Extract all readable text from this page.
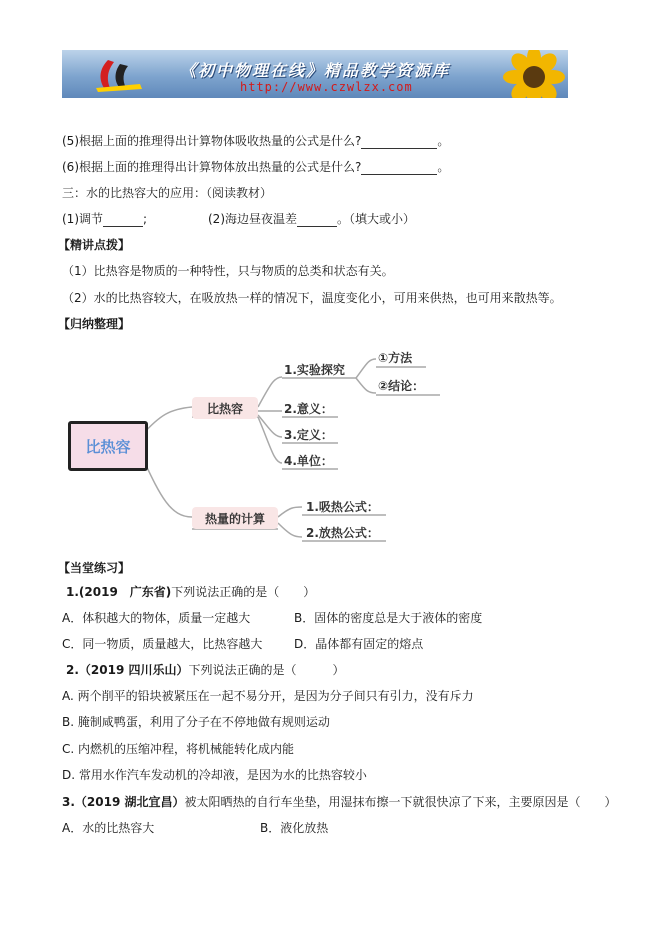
《初中物理在线》精品教学资源库
http://www.czwlzx.com
(5)根据上面的推理得出计算物体吸收热量的公式是什么?	。
(6)根据上面的推理得出计算物体放出热量的公式是什么?	。
三：水的比热容大的应用：（阅读教材）
(1)调节	;	(2)海边昼夜温差	。（填大或小）
【精讲点拨】
（1）比热容是物质的一种特性，只与物质的总类和状态有关。
（2）水的比热容较大，在吸放热一样的情况下，温度变化小，可用来供热，也可用来散热等。
【归纳整理】
比热容
比热容
热量的计算
1.实验探究
2.意义：
3.定义：
4.单位：
①方法
②结论：
1.吸热公式：
2.放热公式：
【当堂练习】
1.(2019　广东省)下列说法正确的是（　　）
A．体积越大的物体，质量一定越大	B．固体的密度总是大于液体的密度
C．同一物质，质量越大，比热容越大	D．晶体都有固定的熔点
2.（2019 四川乐山）下列说法正确的是（　　　）
A. 两个削平的铅块被紧压在一起不易分开，是因为分子间只有引力，没有斥力
B. 腌制咸鸭蛋，利用了分子在不停地做有规则运动
C. 内燃机的压缩冲程，将机械能转化成内能
D. 常用水作汽车发动机的冷却液，是因为水的比热容较小
3.（2019 湖北宜昌）被太阳晒热的自行车坐垫，用湿抹布擦一下就很快凉了下来，主要原因是（　　）
A．水的比热容大	B．液化放热
